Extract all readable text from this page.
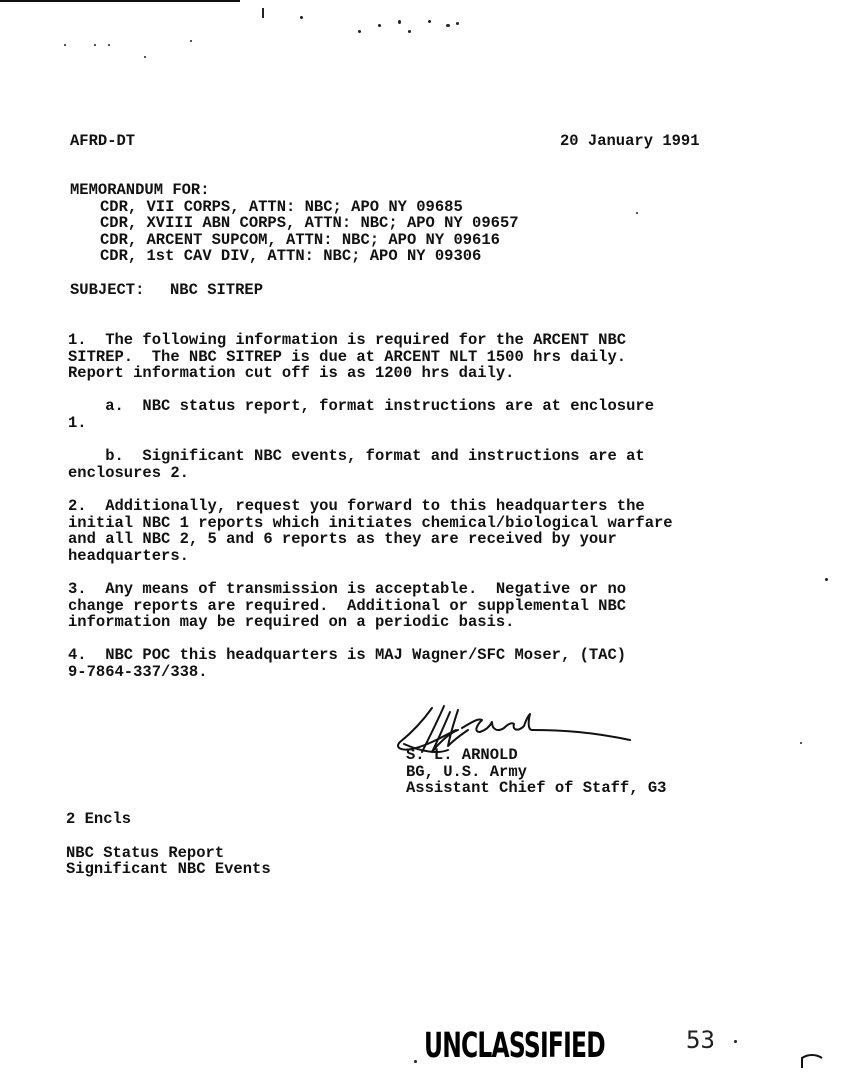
AFRD-DT	20 January 1991
MEMORANDUM FOR:
CDR, VII CORPS, ATTN: NBC; APO NY 09685
CDR, XVIII ABN CORPS, ATTN: NBC; APO NY 09657
CDR, ARCENT SUPCOM, ATTN: NBC; APO NY 09616
CDR, 1st CAV DIV, ATTN: NBC; APO NY 09306
SUBJECT: NBC SITREP
1.  The following information is required for the ARCENT NBC
SITREP.  The NBC SITREP is due at ARCENT NLT 1500 hrs daily.
Report information cut off is as 1200 hrs daily.
a.  NBC status report, format instructions are at enclosure
1.
b.  Significant NBC events, format and instructions are at
enclosures 2.
2.  Additionally, request you forward to this headquarters the
initial NBC 1 reports which initiates chemical/biological warfare
and all NBC 2, 5 and 6 reports as they are received by your
headquarters.
3.  Any means of transmission is acceptable.  Negative or no
change reports are required.  Additional or supplemental NBC
information may be required on a periodic basis.
4.  NBC POC this headquarters is MAJ Wagner/SFC Moser, (TAC)
9-7864-337/338.
S. L. ARNOLD
BG, U.S. Army
Assistant Chief of Staff, G3
2 Encls
NBC Status Report
Significant NBC Events
UNCLASSIFIED	53
